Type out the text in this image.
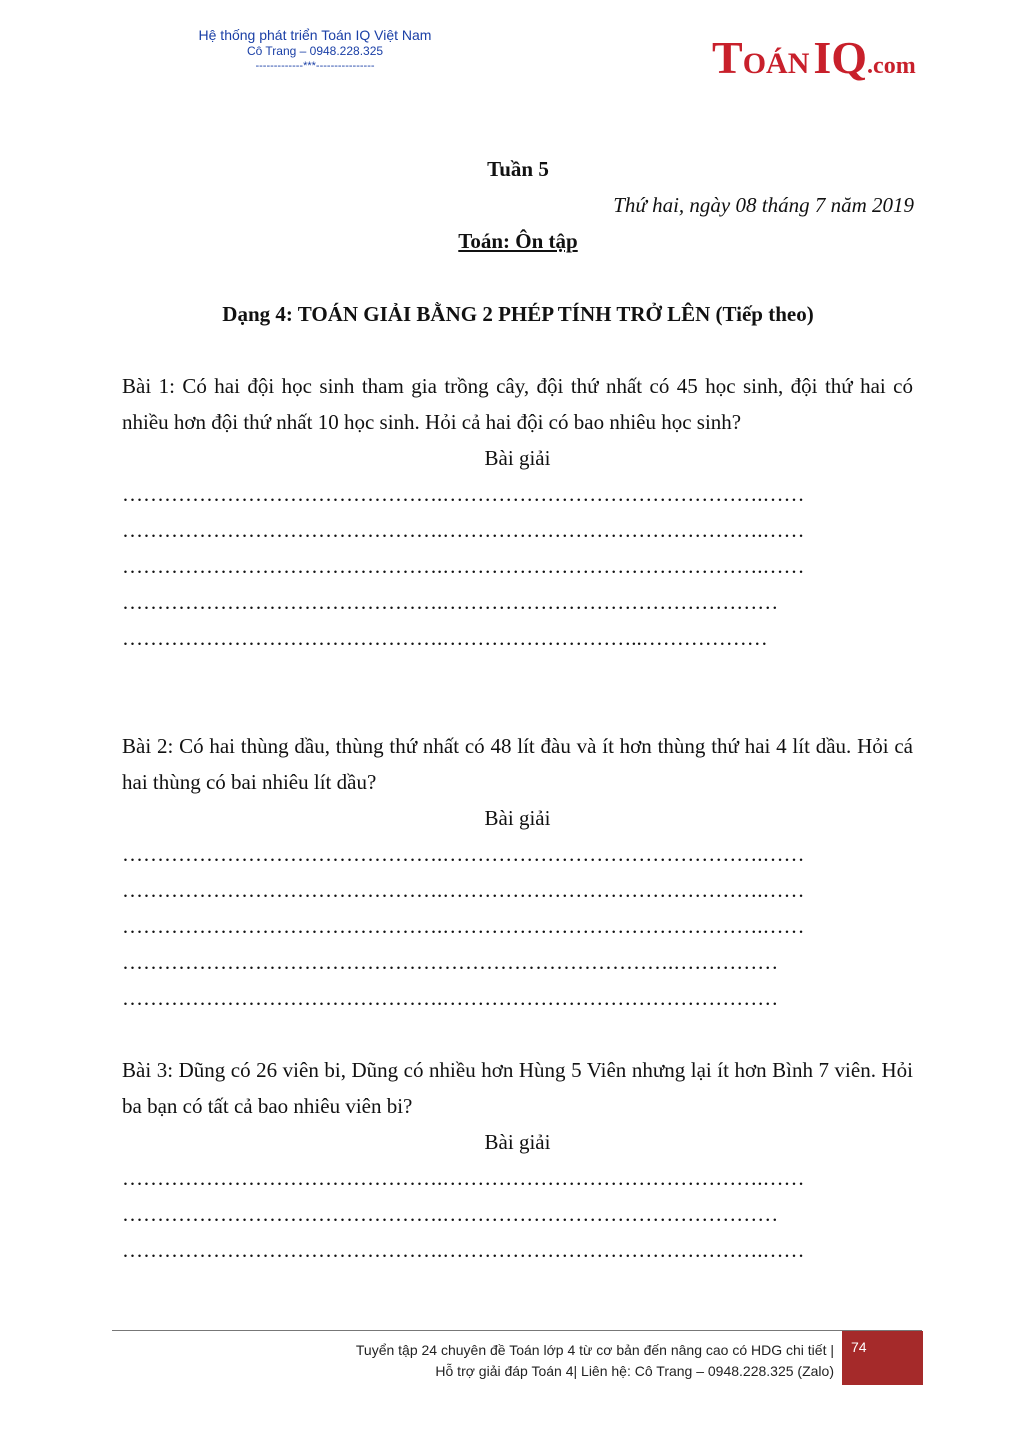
Hệ thống phát triển Toán IQ Việt Nam
Cô Trang – 0948.228.325
-------------***----------------	TOÁN IQ.com
Tuần 5
Thứ hai, ngày 08 tháng 7 năm 2019
Toán: Ôn tập
Dạng 4: TOÁN GIẢI BẰNG 2 PHÉP TÍNH TRỞ LÊN (Tiếp theo)
Bài 1: Có hai đội học sinh tham gia trồng cây, đội thứ nhất có 45 học sinh, đội thứ hai có nhiều hơn đội thứ nhất 10 học sinh. Hỏi cả hai đội có bao nhiêu học sinh?
Bài giải
……………………………………….……………………………………….……
……………………………………….……………………………………….……
……………………………………….……………………………………….……
……………………………………….…………………………………………
……………………………………….………………………..………………
Bài 2: Có hai thùng dầu, thùng thứ nhất có 48 lít đàu và ít hơn thùng thứ hai 4 lít dầu. Hỏi cá hai thùng có bai nhiêu lít dầu?
Bài giải
……………………………………….……………………………………….……
……………………………………….……………………………………….……
……………………………………….……………………………………….……
…………………………………………………………………….……………
……………………………………….…………………………………………
Bài 3: Dũng có 26 viên bi, Dũng có nhiều hơn Hùng 5 Viên nhưng lại ít hơn Bình 7 viên. Hỏi ba bạn có tất cả bao nhiêu viên bi?
Bài giải
……………………………………….……………………………………….……
……………………………………….…………………………………………
……………………………………….……………………………………….……
Tuyển tập 24 chuyên đề Toán lớp 4 từ cơ bản đến nâng cao có HDG chi tiết |
Hỗ trợ giải đáp Toán 4| Liên hệ: Cô Trang – 0948.228.325 (Zalo)
74
